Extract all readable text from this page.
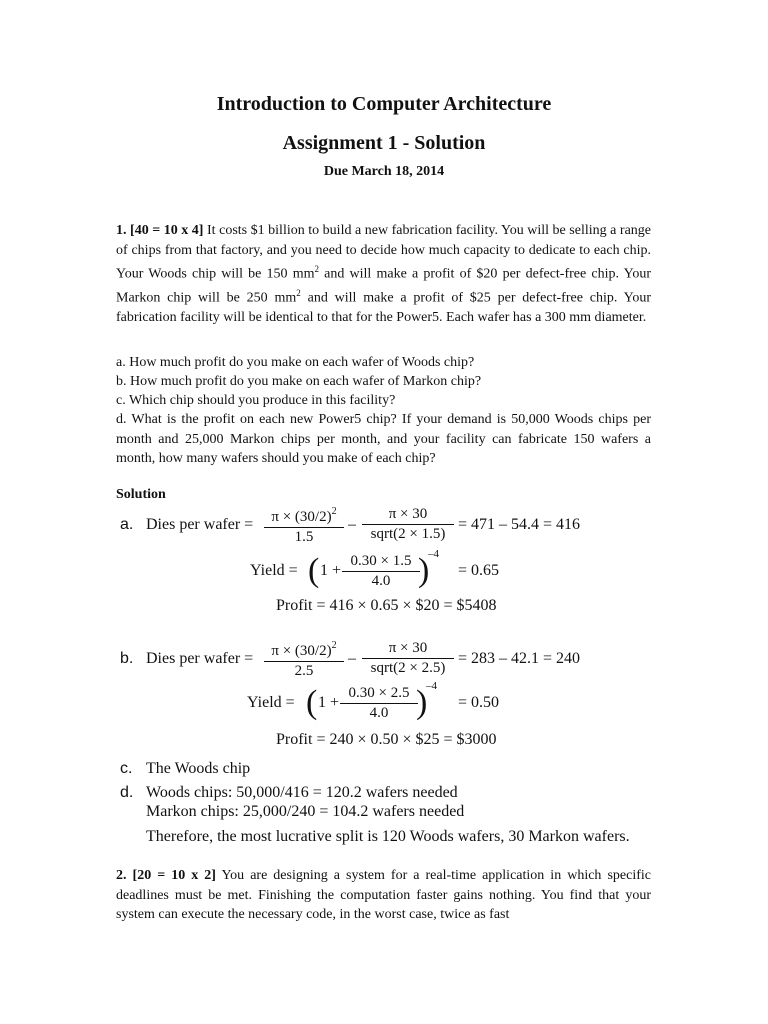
Introduction to Computer Architecture
Assignment 1 - Solution
Due March 18, 2014
1. [40 = 10 x 4] It costs $1 billion to build a new fabrication facility. You will be selling a range of chips from that factory, and you need to decide how much capacity to dedicate to each chip. Your Woods chip will be 150 $mm^2$ and will make a profit of $20 per defect-free chip. Your Markon chip will be 250 $mm^2$ and will make a profit of $25 per defect-free chip. Your fabrication facility will be identical to that for the Power5. Each wafer has a 300 mm diameter.
a. How much profit do you make on each wafer of Woods chip?
b. How much profit do you make on each wafer of Markon chip?
c. Which chip should you produce in this facility?
d. What is the profit on each new Power5 chip? If your demand is 50,000 Woods chips per month and 25,000 Markon chips per month, and your facility can fabricate 150 wafers a month, how many wafers should you make of each chip?
Solution
a. Dies per wafer =	$\pi \times (30/2)^2$
1.5
–
π × 30
sqrt(2 × 1.5)
= 471 – 54.4 = 416
Yield = ( 1 +
0.30 × 1.5
4.0 )
–4
= 0.65
Profit = 416 × 0.65 × $20 = $5408
b. Dies per wafer =	$\pi \times (30/2)^2$
2.5
–
π × 30
sqrt(2 × 2.5)
= 283 – 42.1 = 240
Yield = ( 1 +
0.30 × 2.5
4.0 )
–4
= 0.50
Profit = 240 × 0.50 × $25 = $3000
c. The Woods chip
d. Woods chips: 50,000/416 = 120.2 wafers needed
Markon chips: 25,000/240 = 104.2 wafers needed
Therefore, the most lucrative split is 120 Woods wafers, 30 Markon wafers.
2. [20 = 10 x 2] You are designing a system for a real-time application in which specific deadlines must be met. Finishing the computation faster gains nothing. You find that your system can execute the necessary code, in the worst case, twice as fast
